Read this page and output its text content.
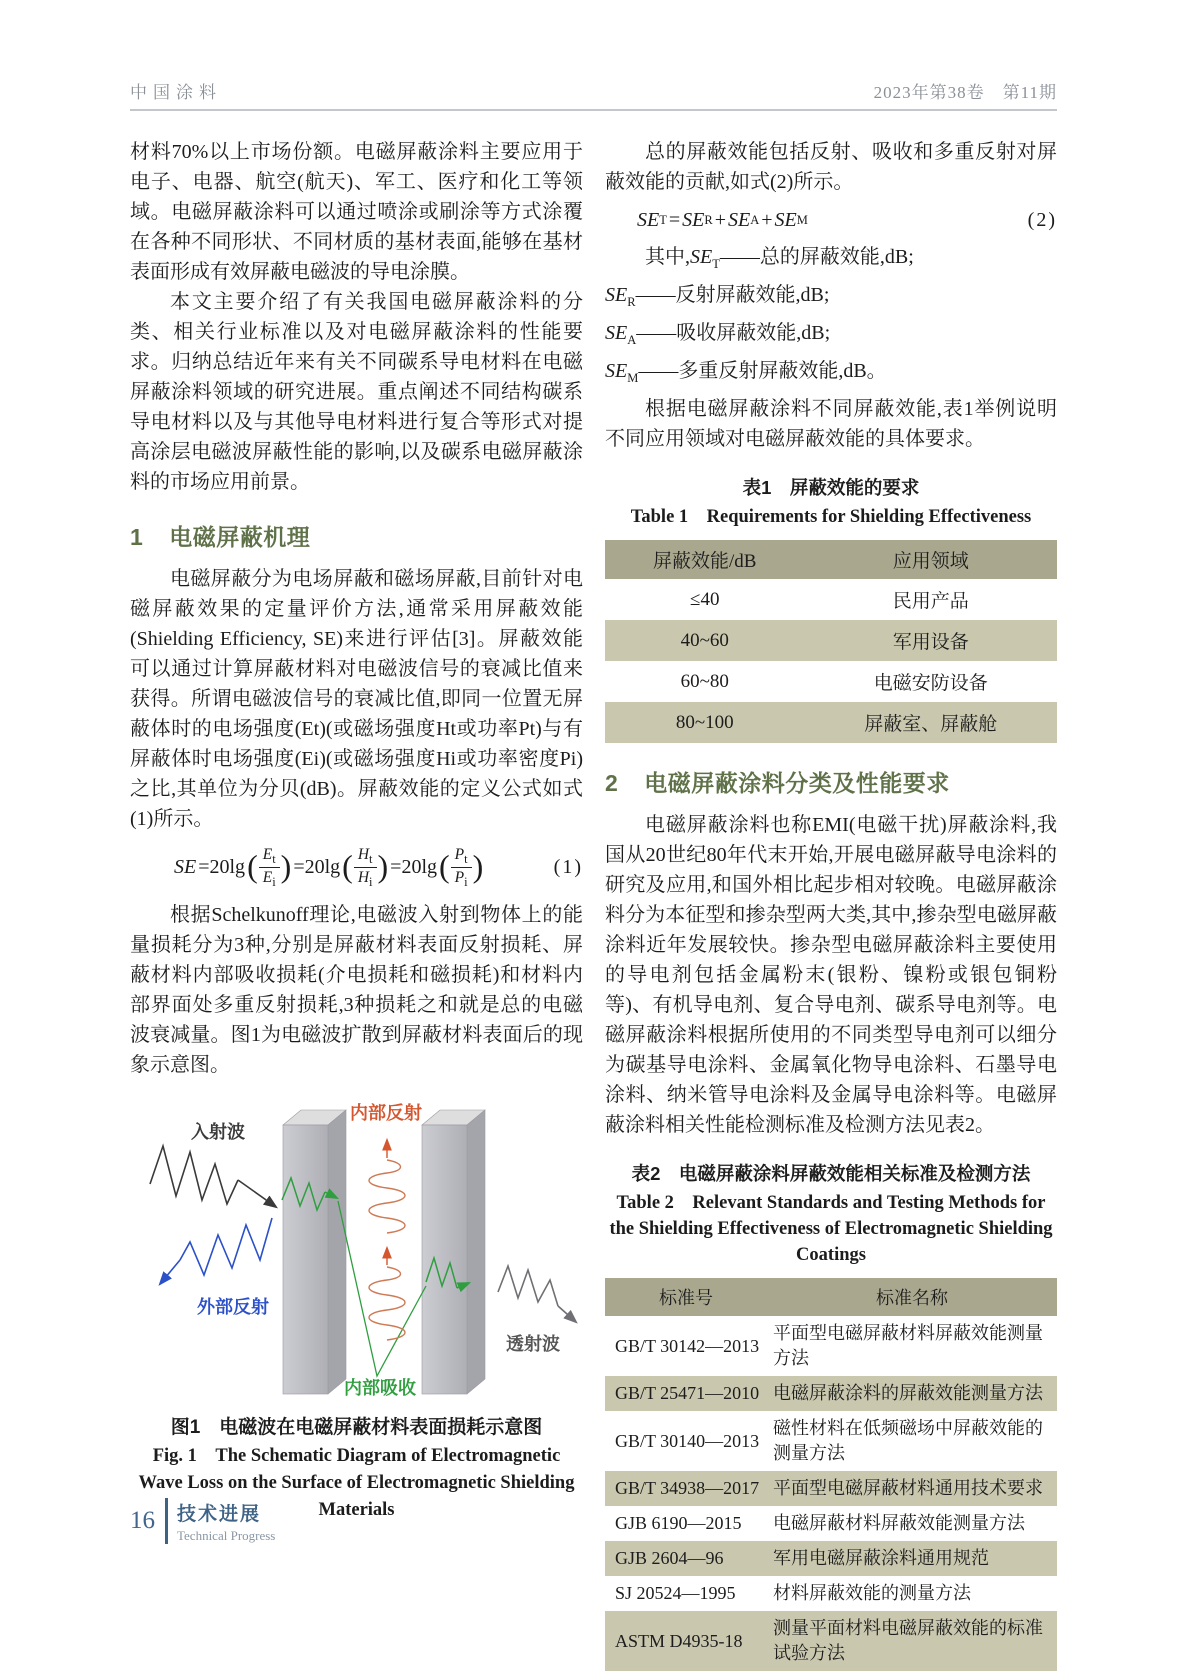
中国涂料	2023年第38卷　第11期

材料70%以上市场份额。电磁屏蔽涂料主要应用于电子、电器、航空(航天)、军工、医疗和化工等领域。电磁屏蔽涂料可以通过喷涂或刷涂等方式涂覆在各种不同形状、不同材质的基材表面,能够在基材表面形成有效屏蔽电磁波的导电涂膜。

本文主要介绍了有关我国电磁屏蔽涂料的分类、相关行业标准以及对电磁屏蔽涂料的性能要求。归纳总结近年来有关不同碳系导电材料在电磁屏蔽涂料领域的研究进展。重点阐述不同结构碳系导电材料以及与其他导电材料进行复合等形式对提高涂层电磁波屏蔽性能的影响,以及碳系电磁屏蔽涂料的市场应用前景。

1 电磁屏蔽机理

电磁屏蔽分为电场屏蔽和磁场屏蔽,目前针对电磁屏蔽效果的定量评价方法,通常采用屏蔽效能(Shielding Efficiency, SE)来进行评估[3]。屏蔽效能可以通过计算屏蔽材料对电磁波信号的衰减比值来获得。所谓电磁波信号的衰减比值,即同一位置无屏蔽体时的电场强度(Et)(或磁场强度Ht或功率Pt)与有屏蔽体时电场强度(Ei)(或磁场强度Hi或功率密度Pi)之比,其单位为分贝(dB)。屏蔽效能的定义公式如式(1)所示。

SE =20lg ( $\frac{E_t}{E_i}$ ) =20lg ( $\frac{H_t}{H_i}$ ) =20lg ( $\frac{P_t}{P_i}$ )	(1)

根据Schelkunoff理论,电磁波入射到物体上的能量损耗分为3种,分别是屏蔽材料表面反射损耗、屏蔽材料内部吸收损耗(介电损耗和磁损耗)和材料内部界面处多重反射损耗,3种损耗之和就是总的电磁波衰减量。图1为电磁波扩散到屏蔽材料表面后的现象示意图。

入射波
内部反射
外部反射
内部吸收
透射波
图1　电磁波在电磁屏蔽材料表面损耗示意图
Fig. 1　The Schematic Diagram of Electromagnetic Wave Loss on the Surface of Electromagnetic Shielding Materials

总的屏蔽效能包括反射、吸收和多重反射对屏蔽效能的贡献,如式(2)所示。

SE T = SE R + SE A + SE M	(2)

其中$,SE_T——$总的屏蔽效能,dB;

$SE_R——$反射屏蔽效能,dB;

$SE_A——$吸收屏蔽效能,dB;

$SE_M——$多重反射屏蔽效能,dB。

根据电磁屏蔽涂料不同屏蔽效能,表1举例说明不同应用领域对电磁屏蔽效能的具体要求。

表1　屏蔽效能的要求
Table 1　Requirements for Shielding Effectiveness
屏蔽效能/dB	应用领域
≤40	民用产品
40~60	军用设备
60~80	电磁安防设备
80~100	屏蔽室、屏蔽舱
2 电磁屏蔽涂料分类及性能要求

电磁屏蔽涂料也称EMI(电磁干扰)屏蔽涂料,我国从20世纪80年代末开始,开展电磁屏蔽导电涂料的研究及应用,和国外相比起步相对较晚。电磁屏蔽涂料分为本征型和掺杂型两大类,其中,掺杂型电磁屏蔽涂料近年发展较快。掺杂型电磁屏蔽涂料主要使用的导电剂包括金属粉末(银粉、镍粉或银包铜粉等)、有机导电剂、复合导电剂、碳系导电剂等。电磁屏蔽涂料根据所使用的不同类型导电剂可以细分为碳基导电涂料、金属氧化物导电涂料、石墨导电涂料、纳米管导电涂料及金属导电涂料等。电磁屏蔽涂料相关性能检测标准及检测方法见表2。

表2　电磁屏蔽涂料屏蔽效能相关标准及检测方法
Table 2　Relevant Standards and Testing Methods for the Shielding Effectiveness of Electromagnetic Shielding Coatings
标准号	标准名称
GB/T 30142—2013	平面型电磁屏蔽材料屏蔽效能测量方法
GB/T 25471—2010	电磁屏蔽涂料的屏蔽效能测量方法
GB/T 30140—2013	磁性材料在低频磁场中屏蔽效能的测量方法
GB/T 34938—2017	平面型电磁屏蔽材料通用技术要求
GJB 6190—2015	电磁屏蔽材料屏蔽效能测量方法
GJB 2604—96	军用电磁屏蔽涂料通用规范
SJ 20524—1995	材料屏蔽效能的测量方法
ASTM D4935-18	测量平面材料电磁屏蔽效能的标准试验方法
16 技术进展
Technical Progress
